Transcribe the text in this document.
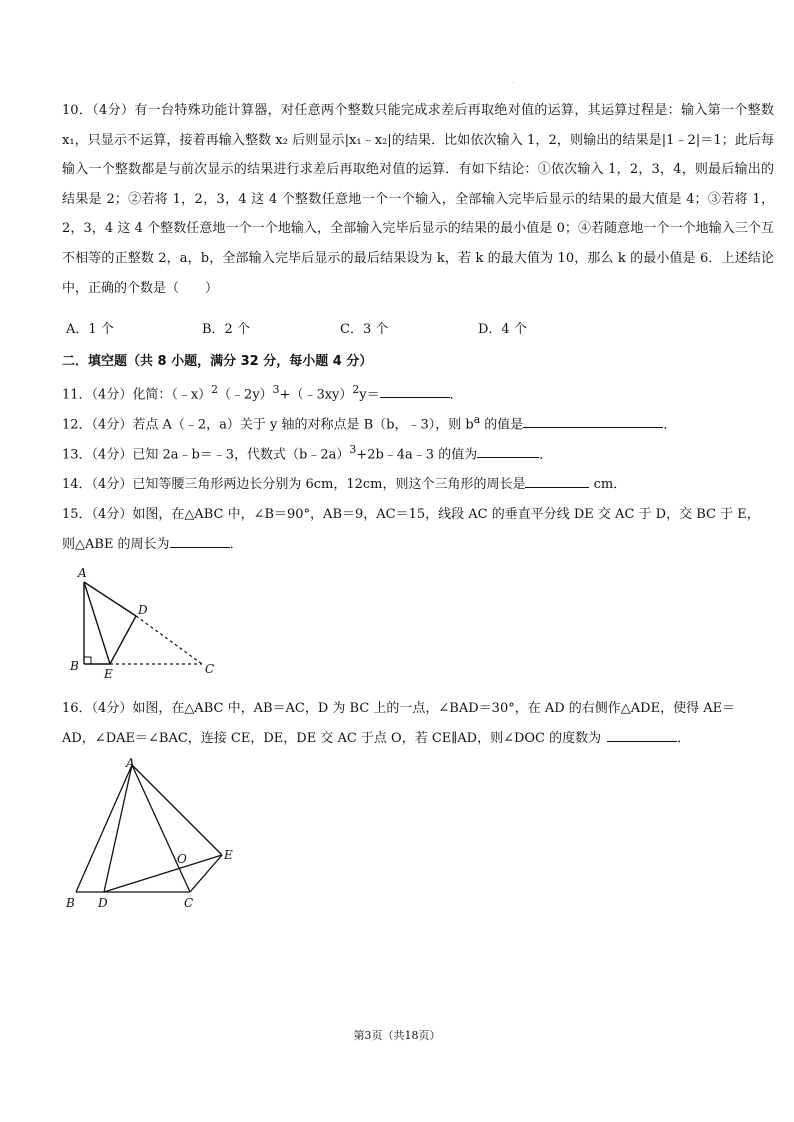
.
10．（4分）有一台特殊功能计算器，对任意两个整数只能完成求差后再取绝对值的运算，其运算过程是：输入第一个整数 x₁，只显示不运算，接着再输入整数 x₂ 后则显示|x₁﹣x₂|的结果．比如依次输入 1，2，则输出的结果是|1﹣2|＝1；此后每输入一个整数都是与前次显示的结果进行求差后再取绝对值的运算．有如下结论：①依次输入 1，2，3，4，则最后输出的结果是 2；②若将 1，2，3，4 这 4 个整数任意地一个一个输入，全部输入完毕后显示的结果的最大值是 4；③若将 1，2，3，4 这 4 个整数任意地一个一个地输入，全部输入完毕后显示的结果的最小值是 0；④若随意地一个一个地输入三个互不相等的正整数 2，a，b，全部输入完毕后显示的最后结果设为 k，若 k 的最大值为 10，那么 k 的最小值是 6．上述结论中，正确的个数是（　　）
A．1 个	B．2 个	C．3 个	D．4 个
二．填空题（共 8 小题，满分 32 分，每小题 4 分）
11．（4分）化简：（﹣x）$^2$（﹣2y）$^3$+（﹣3xy）$^2$y＝	．
12．（4分）若点 A（﹣2，a）关于 y 轴的对称点是 B（b，﹣3），则 $b^a$ 的值是	．
13．（4分）已知 2a﹣b＝﹣3，代数式（b﹣2a）$^3$+2b﹣4a﹣3 的值为	．
14．（4分）已知等腰三角形两边长分别为 6cm，12cm，则这个三角形的周长是	cm．
15．（4分）如图，在△ABC 中，∠B＝90°，AB＝9，AC＝15，线段 AC 的垂直平分线 DE 交 AC 于 D，交 BC 于 E，
则△ABE 的周长为	．
A
B
D
E	C
16．（4分）如图，在△ABC 中，AB＝AC，D 为 BC 上的一点，∠BAD＝30°，在 AD 的右侧作△ADE，使得 AE＝
AD，∠DAE＝∠BAC，连接 CE，DE，DE 交 AC 于点 O，若 CE∥AD，则∠DOC 的度数为	．
A
B D	C
O	E
第3页（共18页）
